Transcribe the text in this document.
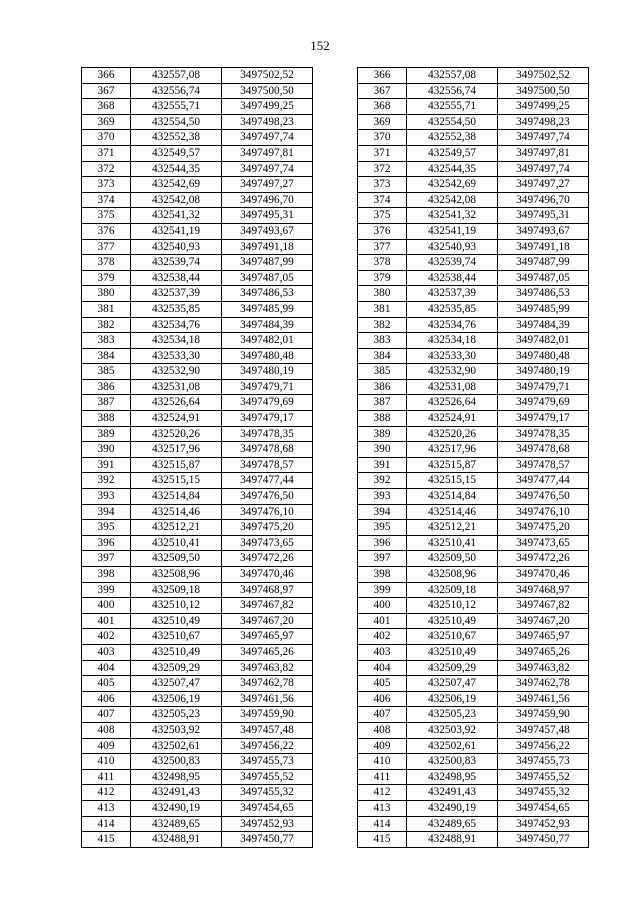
152
366	432557,08	3497502,52
367	432556,74	3497500,50
368	432555,71	3497499,25
369	432554,50	3497498,23
370	432552,38	3497497,74
371	432549,57	3497497,81
372	432544,35	3497497,74
373	432542,69	3497497,27
374	432542,08	3497496,70
375	432541,32	3497495,31
376	432541,19	3497493,67
377	432540,93	3497491,18
378	432539,74	3497487,99
379	432538,44	3497487,05
380	432537,39	3497486,53
381	432535,85	3497485,99
382	432534,76	3497484,39
383	432534,18	3497482,01
384	432533,30	3497480,48
385	432532,90	3497480,19
386	432531,08	3497479,71
387	432526,64	3497479,69
388	432524,91	3497479,17
389	432520,26	3497478,35
390	432517,96	3497478,68
391	432515,87	3497478,57
392	432515,15	3497477,44
393	432514,84	3497476,50
394	432514,46	3497476,10
395	432512,21	3497475,20
396	432510,41	3497473,65
397	432509,50	3497472,26
398	432508,96	3497470,46
399	432509,18	3497468,97
400	432510,12	3497467,82
401	432510,49	3497467,20
402	432510,67	3497465,97
403	432510,49	3497465,26
404	432509,29	3497463,82
405	432507,47	3497462,78
406	432506,19	3497461,56
407	432505,23	3497459,90
408	432503,92	3497457,48
409	432502,61	3497456,22
410	432500,83	3497455,73
411	432498,95	3497455,52
412	432491,43	3497455,32
413	432490,19	3497454,65
414	432489,65	3497452,93
415	432488,91	3497450,77
366	432557,08	3497502,52
367	432556,74	3497500,50
368	432555,71	3497499,25
369	432554,50	3497498,23
370	432552,38	3497497,74
371	432549,57	3497497,81
372	432544,35	3497497,74
373	432542,69	3497497,27
374	432542,08	3497496,70
375	432541,32	3497495,31
376	432541,19	3497493,67
377	432540,93	3497491,18
378	432539,74	3497487,99
379	432538,44	3497487,05
380	432537,39	3497486,53
381	432535,85	3497485,99
382	432534,76	3497484,39
383	432534,18	3497482,01
384	432533,30	3497480,48
385	432532,90	3497480,19
386	432531,08	3497479,71
387	432526,64	3497479,69
388	432524,91	3497479,17
389	432520,26	3497478,35
390	432517,96	3497478,68
391	432515,87	3497478,57
392	432515,15	3497477,44
393	432514,84	3497476,50
394	432514,46	3497476,10
395	432512,21	3497475,20
396	432510,41	3497473,65
397	432509,50	3497472,26
398	432508,96	3497470,46
399	432509,18	3497468,97
400	432510,12	3497467,82
401	432510,49	3497467,20
402	432510,67	3497465,97
403	432510,49	3497465,26
404	432509,29	3497463,82
405	432507,47	3497462,78
406	432506,19	3497461,56
407	432505,23	3497459,90
408	432503,92	3497457,48
409	432502,61	3497456,22
410	432500,83	3497455,73
411	432498,95	3497455,52
412	432491,43	3497455,32
413	432490,19	3497454,65
414	432489,65	3497452,93
415	432488,91	3497450,77
